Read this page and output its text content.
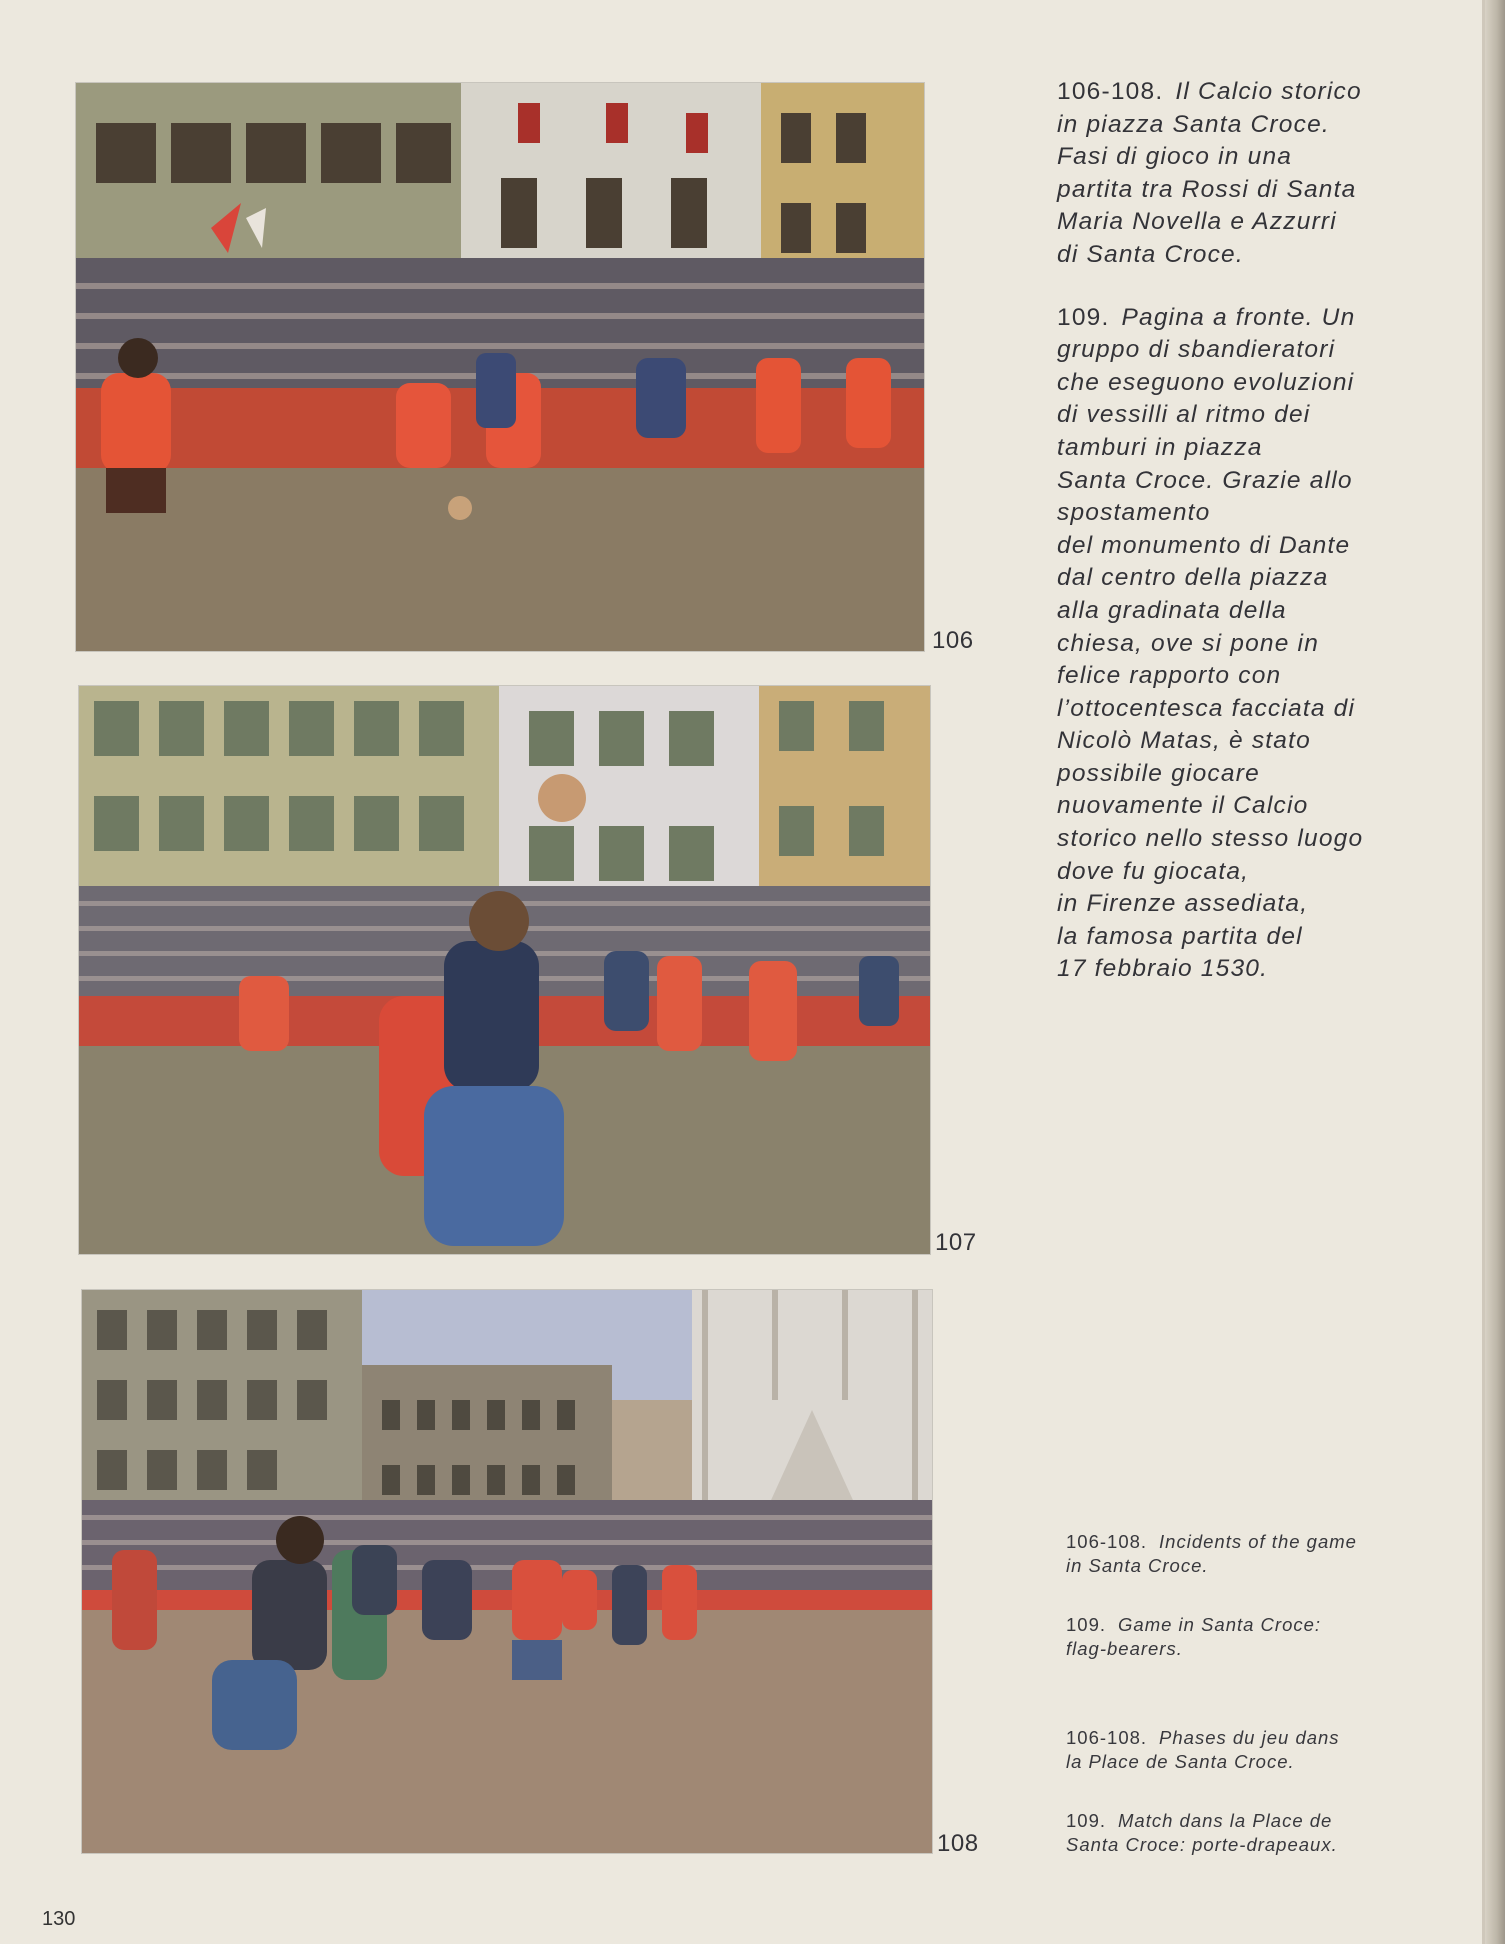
106
107
108

106-108. Il Calcio storico
in piazza Santa Croce.
Fasi di gioco in una
partita tra Rossi di Santa
Maria Novella e Azzurri
di Santa Croce.

109. Pagina a fronte. Un
gruppo di sbandieratori
che eseguono evoluzioni
di vessilli al ritmo dei
tamburi in piazza
Santa Croce. Grazie allo
spostamento
del monumento di Dante
dal centro della piazza
alla gradinata della
chiesa, ove si pone in
felice rapporto con
l’ottocentesca facciata di
Nicolò Matas, è stato
possibile giocare
nuovamente il Calcio
storico nello stesso luogo
dove fu giocata,
in Firenze assediata,
la famosa partita del
17 febbraio 1530.

106-108. Incidents of the game
in Santa Croce.
109. Game in Santa Croce:
flag-bearers.
106-108. Phases du jeu dans
la Place de Santa Croce.
109. Match dans la Place de
Santa Croce: porte-drapeaux.
130
